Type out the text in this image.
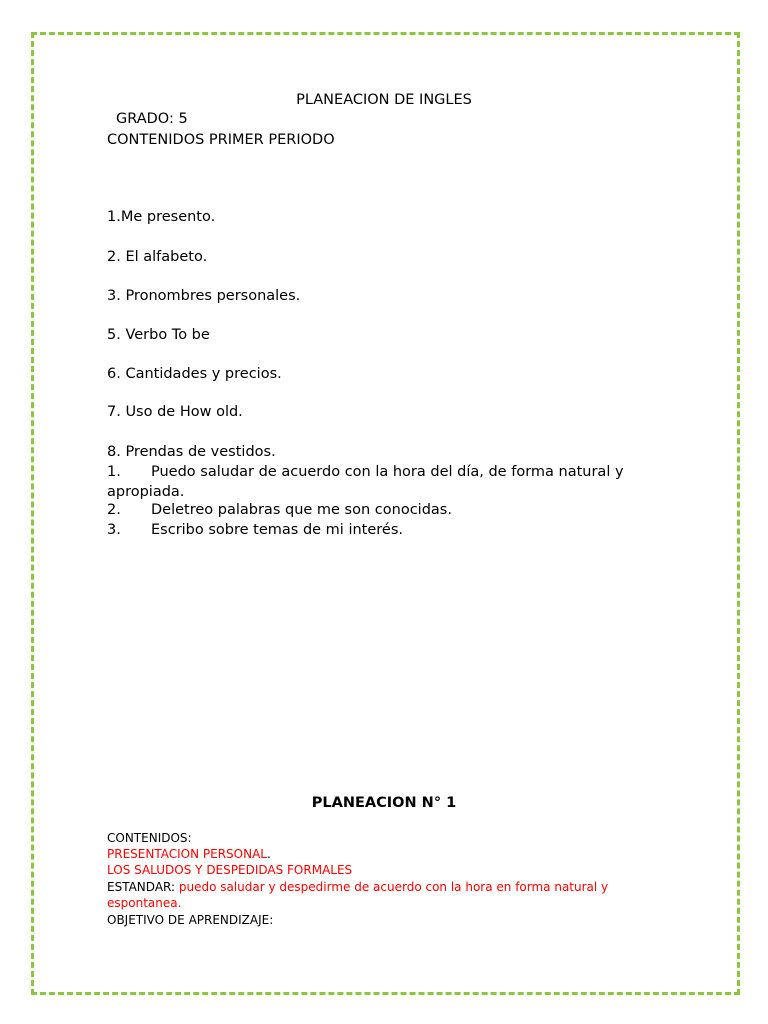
PLANEACION DE INGLES
GRADO: 5
CONTENIDOS PRIMER PERIODO
1.Me presento.
2. El alfabeto.
3. Pronombres personales.
5. Verbo To be
6. Cantidades y precios.
7. Uso de How old.
8. Prendas de vestidos.
1. Puedo saludar de acuerdo con la hora del día, de forma natural y
apropiada.
2. Deletreo palabras que me son conocidas.
3. Escribo sobre temas de mi interés.
PLANEACION N° 1
CONTENIDOS:
PRESENTACION PERSONAL.
LOS SALUDOS Y DESPEDIDAS FORMALES
ESTANDAR: puedo saludar y despedirme de acuerdo con la hora en forma natural y
espontanea.
OBJETIVO DE APRENDIZAJE:
